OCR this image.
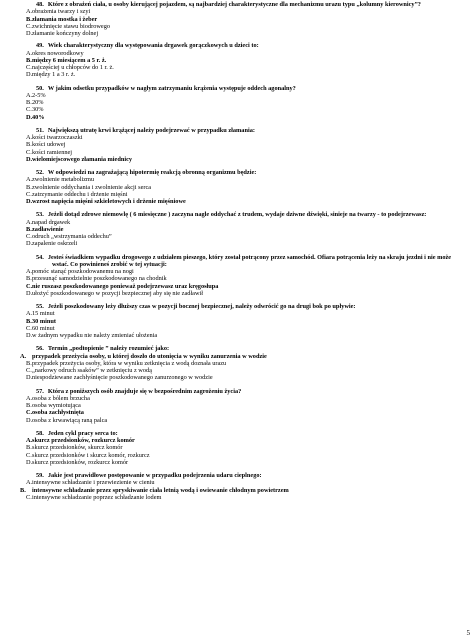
48. Które z obrażeń ciała, u osoby kierującej pojazdem, są najbardziej charakterystyczne dla mechanizmu urazu typu „kolumny kierownicy”?
A.obrażenia twarzy i szyi
B.złamania mostka i żeber
C.zwichnięcie stawu biodrowego
D.złamanie kończyny dolnej
49. Wiek charakterystyczny dla występowania drgawek gorączkowych u dzieci to:
A.okres noworodkowy
B.między 6 miesiącem a 5 r. ż.
C.najczęściej u chłopców do 1 r. ż.
D.między 1 a 3 r. ż.
50. W jakim odsetku przypadków w nagłym zatrzymaniu krążenia występuje oddech agonalny?
A.2-5%
B.20%
C.30%
D.40%
51. Największą utratę krwi krążącej należy podejrzewać w przypadku złamania:
A.kości twarzoczaszki
B.kości udowej
C.kości ramiennej
D.wielomiejscowego złamania miednicy
52. W odpowiedzi na zagrażającą hipotermię reakcją obronną organizmu będzie:
A.zwolnienie metabolizmu
B.zwolnienie oddychania i zwolnienie akcji serca
C.zatrzymanie oddechu i drżenie mięśni
D.wzrost napięcia mięśni szkieletowych i drżenie mięśniowe
53. Jeżeli dotąd zdrowe niemowlę ( 6 miesięczne ) zaczyna nagle oddychać z trudem, wydaje dziwne dźwięki, sinieje na twarzy - to podejrzewasz:
A.napad drgawek
B.zadławienie
C.odruch „wstrzymania oddechu”
D.zapalenie oskrzeli
54. Jesteś świadkiem wypadku drogowego z udziałem pieszego, który został potrącony przez samochód. Ofiara potrącenia leży na skraju jezdni i nie może wstać. Co powinieneś zrobić w tej sytuacji:
A.pomóc stanąć poszkodowanemu na nogi
B.przesunąć samodzielnie poszkodowanego na chodnik
C.nie ruszasz poszkodowanego ponieważ podejrzewasz uraz kręgosłupa
D.ułożyć poszkodowanego w pozycji bezpiecznej aby się nie zadławił
55. Jeżeli poszkodowany leży dłuższy czas w pozycji bocznej bezpiecznej, należy odwrócić go na drugi bok po upływie:
A.15 minut
B.30 minut
C.60 minut
D.w żadnym wypadku nie należy zmieniać ułożenia
56. Termin „podtopienie ” należy rozumieć jako:
A. przypadek przeżycia osoby, u której doszło do utonięcia w wyniku zanurzenia w wodzie
B.przypadek przeżycia osoby, która w wyniku zetknięcia z wodą doznała urazu
C.„narkowy odruch ssaków” w zetknięciu z wodą
D.niespodziewane zachłyśnięcie poszkodowanego zanurzonego w wodzie
57. Która z poniższych osób znajduje się w bezpośrednim zagrożeniu życia?
A.osoba z bólem brzucha
B.osoba wymiotująca
C.osoba zachłystnięta
D.osoba z krwawiącą raną palca
58. Jeden cykl pracy serca to:
A.skurcz przedsionków, rozkurcz komór
B.skurcz przedsionków, skurcz komór
C.skurcz przedsionków i skurcz komór, rozkurcz
D.skurcz przedsionków, rozkurcz komór
59. Jakie jest prawidłowe postępowanie w przypadku podejrzenia udaru cieplnego:
A.intensywne schładzanie i przewiezienie w cieniu
B. intensywne schładzanie przez spryskiwanie ciała letnią wodą i owiewanie chłodnym powietrzem
C.intensywne schładzanie poprzez schładzanie lodem
5
